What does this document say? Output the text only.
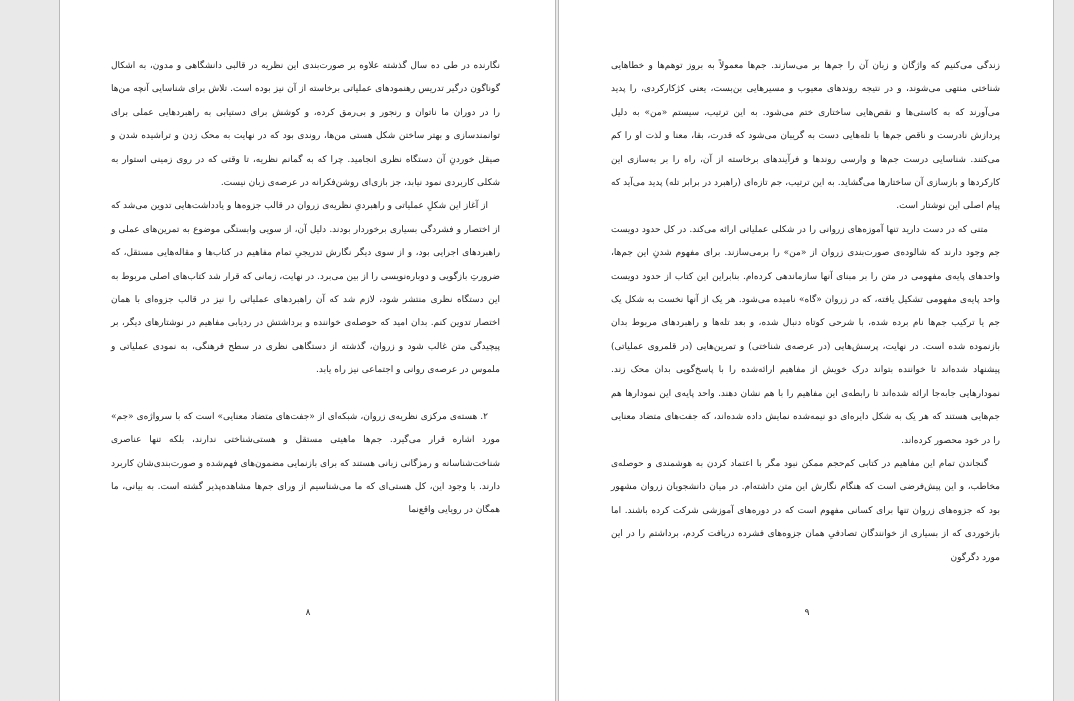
نگارنده در طی ده سال گذشته علاوه بر صورت‌بندی این نظریه در قالبی دانشگاهی و مدون، به اشکال گوناگون درگیر تدریس رهنمودهای عملیاتی برخاسته از آن نیز بوده است. تلاش برای شناسایی آنچه من‌ها را در دوران ما ناتوان و رنجور و بی‌رمق کرده، و کوشش برای دستیابی به راهبردهایی عملی برای توانمندسازی و بهتر ساختن شکل هستی من‌ها، روندی بود که در نهایت به محک زدن و تراشیده شدن و صیقل خوردنِ آن دستگاه نظری انجامید. چرا که به گمانم نظریه، تا وقتی که در روی زمینی استوار به شکلی کاربردی نمود نیابد، جز بازی‌ای روشن‌فکرانه در عرصه‌ی زبان نیست.

از آغاز این شکلِ عملیاتی و راهبردیِ نظریه‌ی زروان در قالب جزوه‌ها و یادداشت‌هایی تدوین می‌شد که از اختصار و فشردگی بسیاری برخوردار بودند. دلیل آن، از سویی وابستگی موضوع به تمرین‌های عملی و راهبردهای اجرایی بود، و از سوی دیگر نگارش تدریجیِ تمام مفاهیم در کتاب‌ها و مقاله‌هایی مستقل، که ضرورتِ بازگویی و دوباره‌نویسی را از بین می‌برد. در نهایت، زمانی که قرار شد کتاب‌های اصلی مربوط به این دستگاه نظری منتشر شود، لازم شد که آن راهبردهای عملیاتی را نیز در قالب جزوه‌ای با همان اختصار تدوین کنم. بدان امید که حوصله‌ی خواننده و برداشتش در ردیابی مفاهیم در نوشتارهای دیگر، بر پیچیدگی متن غالب شود و زروان، گذشته از دستگاهی نظری در سطح فرهنگی، به نمودی عملیاتی و ملموس در عرصه‌ی روانی و اجتماعی نیز راه یابد.

۲. هسته‌ی مرکزی نظریه‌ی زروان، شبکه‌ای از «جفت‌های متضاد معنایی» است که با سرواژه‌ی «جم» مورد اشاره قرار می‌گیرد. جم‌ها ماهیتی مستقل و هستی‌شناختی ندارند، بلکه تنها عناصری شناخت‌شناسانه و رمزگانی زبانی هستند که برای بازنمایی مضمون‌های فهم‌شده و صورت‌بندی‌شان کاربرد دارند. با وجود این، کل هستی‌ای که ما می‌شناسیم از ورای جم‌ها مشاهده‌پذیر گشته است. به بیانی، ما همگان در رویایی واقع‌نما

۸

زندگی می‌کنیم که واژگان و زبان آن را جم‌ها بر می‌سازند. جم‌ها معمولاً به بروز توهم‌ها و خطاهایی شناختی منتهی می‌شوند، و در نتیجه روندهای معیوب و مسیرهایی بن‌بست، یعنی کژکارکردی، را پدید می‌آورند که به کاستی‌ها و نقص‌هایی ساختاری ختم می‌شود. به این ترتیب، سیستم «من» به دلیل پردازش نادرست و ناقص جم‌ها با تله‌هایی دست به گریبان می‌شود که قدرت، بقا، معنا و لذت او را کم می‌کنند. شناسایی درست جم‌ها و وارسی روندها و فرآیندهای برخاسته از آن، راه را بر به‌سازی این کارکردها و بازسازی آن ساختارها می‌گشاید. به این ترتیب، جم تازه‌ای (راهبرد در برابر تله) پدید می‌آید که پیام اصلی این نوشتار است.

متنی که در دست دارید تنها آموزه‌های زروانی را در شکلی عملیاتی ارائه می‌کند. در کل حدود دویست جم وجود دارند که شالوده‌ی صورت‌بندی زروان از «من» را برمی‌سازند. برای مفهوم شدنِ این جم‌ها، واحدهای پایه‌ی مفهومی در متن را بر مبنای آنها سازماندهی کرده‌ام. بنابراین این کتاب از حدود دویست واحد پایه‌ی مفهومی تشکیل یافته، که در زروان «گاه» نامیده می‌شود. هر یک از آنها نخست به شکل یک جم یا ترکیب جم‌ها نام برده شده، با شرحی کوتاه دنبال شده، و بعد تله‌ها و راهبردهای مربوط بدان بازنموده شده است. در نهایت، پرسش‌هایی (در عرصه‌ی شناختی) و تمرین‌هایی (در قلمروی عملیاتی) پیشنهاد شده‌اند تا خواننده بتواند درک خویش از مفاهیم ارائه‌شده را با پاسخ‌گویی بدان محک زند. نمودارهایی جا‌به‌جا ارائه شده‌اند تا رابطه‌ی این مفاهیم را با هم نشان دهند. واحد پایه‌ی این نمودارها هم جم‌هایی هستند که هر یک به شکل دایره‌ای دو نیمه‌شده نمایش داده شده‌اند، که جفت‌های متضاد معنایی را در خود محصور کرده‌اند.

گنجاندن تمام این مفاهیم در کتابی کم‌حجم ممکن نبود مگر با اعتماد کردن به هوشمندی و حوصله‌ی مخاطب، و این پیش‌فرضی است که هنگام نگارش این متن داشته‌ام. در میان دانشجویان زروان مشهور بود که جزوه‌های زروان تنها برای کسانی مفهوم است که در دوره‌های آموزشی شرکت کرده باشند. اما بازخوردی که از بسیاری از خوانندگان تصادفیِ همان جزوه‌های فشرده دریافت کردم، برداشتم را در این مورد دگرگون

۹
